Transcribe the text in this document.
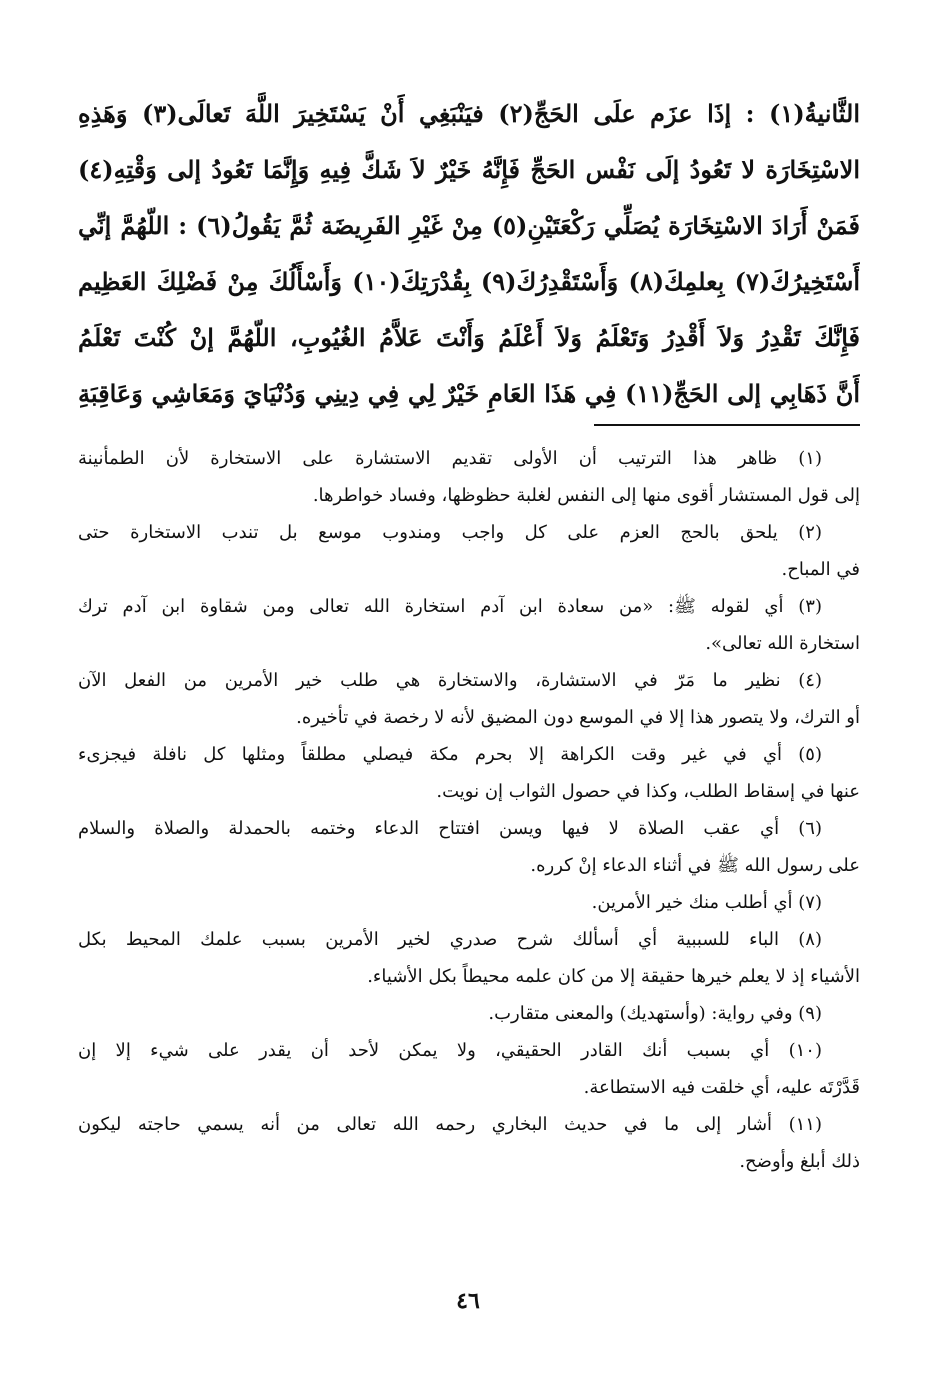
الثَّانيةُ(١) : إذَا عزَم علَى الحَجِّ(٢) فيَنْبَغِي أَنْ يَسْتَخِيرَ اللَّهَ تَعالَى(٣) وَهَذِهِ
الاسْتِخَارَة لا تَعُودُ إلَى نَفْس الحَجِّ فَإِنَّهُ خَيْرٌ لاَ شَكَّ فِيهِ وَإِنَّمَا تَعُودُ إلى وَقْتِهِ(٤)
فَمَنْ أَرَادَ الاسْتِخَارَة يُصَلِّي رَكْعَتَيْنِ(٥) مِنْ غَيْرِ الفَرِيضَة ثُمَّ يَقُولُ(٦) : اللّهُمَّ إنِّي
أَسْتَخِيرُكَ(٧) بِعلمِكَ(٨) وَأَسْتَقْدِرُكَ(٩) بِقُدْرَتِكَ(١٠) وَأَسْأَلُكَ مِنْ فَضْلِكَ العَظِيم
فَإِنَّكَ تَقْدِرُ وَلاَ أَقْدِرُ وَتَعْلَمُ وَلاَ أَعْلَمُ وَأَنْتَ عَلاَّمُ الغُيُوبِ، اللّهُمَّ إنْ كُنْتَ تَعْلَمُ
أَنَّ ذَهَابِي إلى الحَجِّ(١١) فِي هَذَا العَامِ خَيْرٌ لِي فِي دِينِي وَدُنْيَايَ وَمَعَاشِي وَعَاقِبَةِ
(١) ظاهر هذا الترتيب أن الأولى تقديم الاستشارة على الاستخارة لأن الطمأنينة
إلى قول المستشار أقوى منها إلى النفس لغلبة حظوظها، وفساد خواطرها.
(٢) يلحق بالحج العزم على كل واجب ومندوب موسع بل تندب الاستخارة حتى
في المباح.
(٣) أي لقوله ﷺ: «من سعادة ابن آدم استخارة الله تعالى ومن شقاوة ابن آدم ترك
استخارة الله تعالى».
(٤) نظير ما مَرّ في الاستشارة، والاستخارة هي طلب خير الأمرين من الفعل الآن
أو الترك، ولا يتصور هذا إلا في الموسع دون المضيق لأنه لا رخصة في تأخيره.
(٥) أي في غير وقت الكراهة إلا بحرم مكة فيصلي مطلقاً ومثلها كل نافلة فيجزىء
عنها في إسقاط الطلب، وكذا في حصول الثواب إن نويت.
(٦) أي عقب الصلاة لا فيها ويسن افتتاح الدعاء وختمه بالحمدلة والصلاة والسلام
على رسول الله ﷺ في أثناء الدعاء إنْ كرره.
(٧) أي أطلب منك خير الأمرين.
(٨) الباء للسببية أي أسألك شرح صدري لخير الأمرين بسبب علمك المحيط بكل
الأشياء إذ لا يعلم خيرها حقيقة إلا من كان علمه محيطاً بكل الأشياء.
(٩) وفي رواية: (وأستهديك) والمعنى متقارب.
(١٠) أي بسبب أنك القادر الحقيقي، ولا يمكن لأحد أن يقدر على شيء إلا إن
قَدَّرْتَه عليه، أي خلقت فيه الاستطاعة.
(١١) أشار إلى ما في حديث البخاري رحمه الله تعالى من أنه يسمي حاجته ليكون
ذلك أبلغ وأوضح.
٤٦
